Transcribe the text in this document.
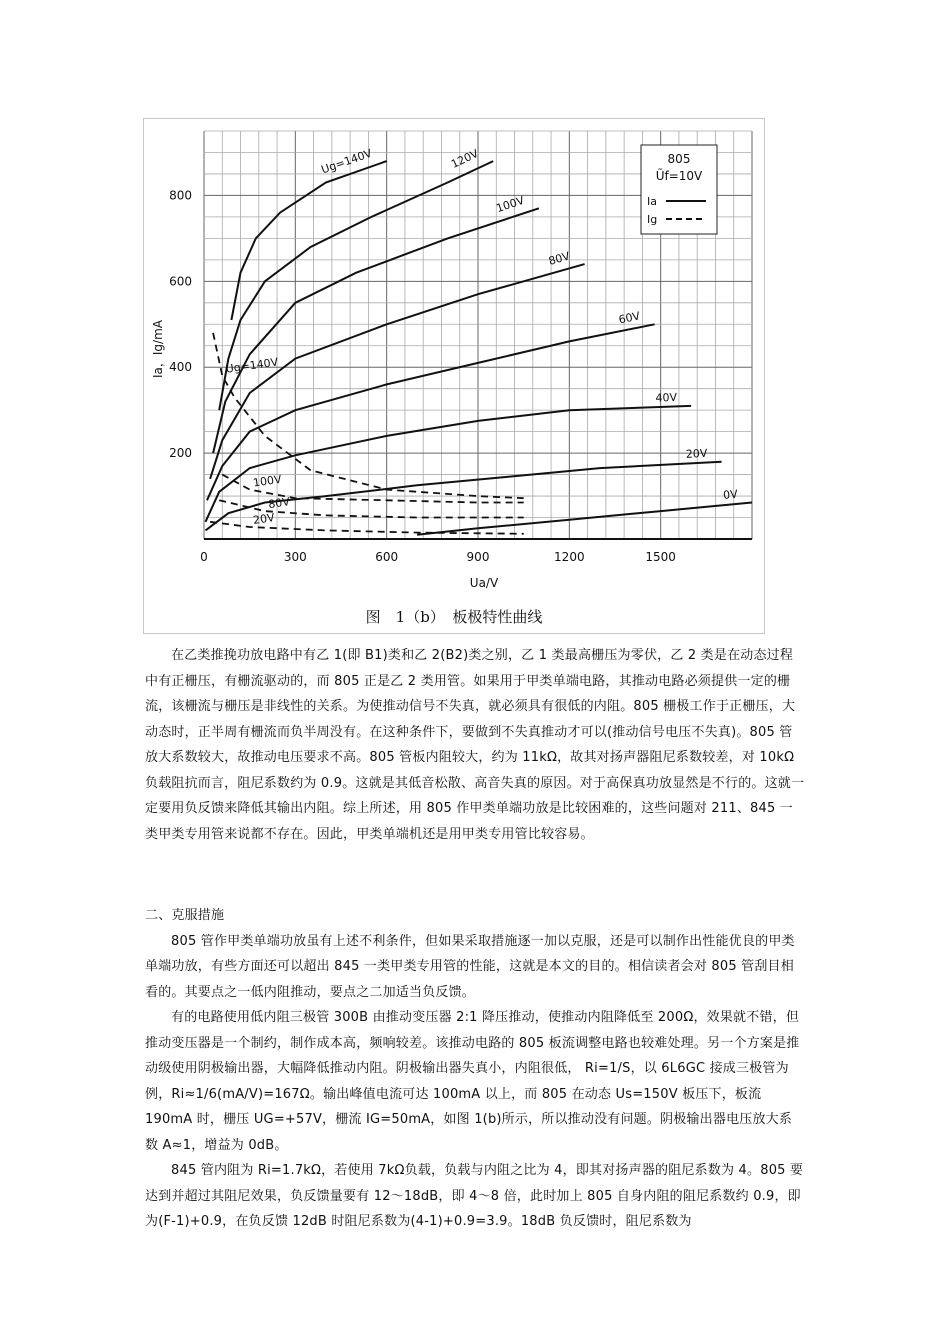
Ug=140V	120V
100V
80V
60V
40V
20V
0V
Ug=140V
100V
80V
20V
200
400
600
800
0	300	600	900	1200	1500
805
Ũf=10V
Ia
Ig
Ia，Ig/mA
Ua/V
图　1（b）　板极特性曲线

在乙类推挽功放电路中有乙 1(即 B1)类和乙 2(B2)类之别，乙 1 类最高栅压为零伏，乙 2 类是在动态过程中有正栅压，有栅流驱动的，而 805 正是乙 2 类用管。如果用于甲类单端电路，其推动电路必须提供一定的栅流，该栅流与栅压是非线性的关系。为使推动信号不失真，就必须具有很低的内阻。805 栅极工作于正栅压，大动态时，正半周有栅流而负半周没有。在这种条件下，要做到不失真推动才可以(推动信号电压不失真)。805 管放大系数较大，故推动电压要求不高。805 管板内阻较大，约为 11kΩ，故其对扬声器阻尼系数较差，对 10kΩ负载阻抗而言，阻尼系数约为 0.9。这就是其低音松散、高音失真的原因。对于高保真功放显然是不行的。这就一定要用负反馈来降低其输出内阻。综上所述，用 805 作甲类单端功放是比较困难的，这些问题对 211、845 一类甲类专用管来说都不存在。因此，甲类单端机还是用甲类专用管比较容易。

二、克服措施

805 管作甲类单端功放虽有上述不利条件，但如果采取措施逐一加以克服，还是可以制作出性能优良的甲类单端功放，有些方面还可以超出 845 一类甲类专用管的性能，这就是本文的目的。相信读者会对 805 管刮目相看的。其要点之一低内阻推动，要点之二加适当负反馈。

有的电路使用低内阻三极管 300B 由推动变压器 2:1 降压推动，使推动内阻降低至 200Ω，效果就不错，但推动变压器是一个制约，制作成本高，频响较差。该推动电路的 805 板流调整电路也较难处理。另一个方案是推动级使用阴极输出器，大幅降低推动内阻。阴极输出器失真小，内阻很低， Ri=1/S，以 6L6GC 接成三极管为例，Ri≈1/6(mA/V)=167Ω。输出峰值电流可达 100mA 以上，而 805 在动态 Us=150V 板压下，板流 190mA 时，栅压 UG=+57V，栅流 IG=50mA，如图 1(b)所示，所以推动没有问题。阴极输出器电压放大系数 A≈1，增益为 0dB。

845 管内阻为 Ri=1.7kΩ，若使用 7kΩ负载，负载与内阻之比为 4，即其对扬声器的阻尼系数为 4。805 要达到并超过其阻尼效果，负反馈量要有 12～18dB，即 4～8 倍，此时加上 805 自身内阻的阻尼系数约 0.9，即为(F-1)+0.9，在负反馈 12dB 时阻尼系数为(4-1)+0.9=3.9。18dB 负反馈时，阻尼系数为
